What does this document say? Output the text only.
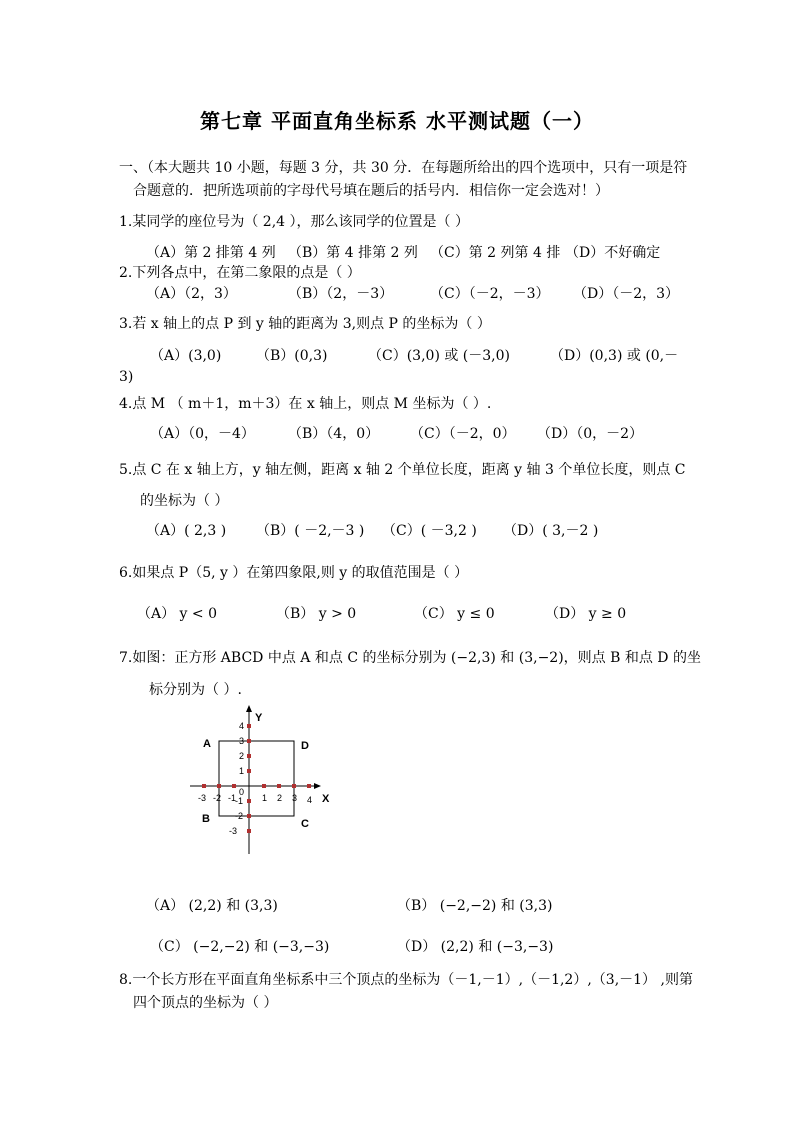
第七章 平面直角坐标系 水平测试题（一）
一、（本大题共 10 小题，每题 3 分，共 30 分．在每题所给出的四个选项中，只有一项是符
合题意的．把所选项前的字母代号填在题后的括号内．相信你一定会选对！）
1.某同学的座位号为（ 2,4 ），那么该同学的位置是（ ）
（A）第 2 排第 4 列 （B）第 4 排第 2 列 （C）第 2 列第 4 排 （D）不好确定
2.下列各点中，在第二象限的点是（ ）
（A）（2，3）	（B）（2，－3）	（C）（－2，－3） （D）（－2，3）
3.若 x 轴上的点 P 到 y 轴的距离为 3,则点 P 的坐标为（ ）
（A）(3,0) （B）(0,3)	（C）(3,0) 或 (－3,0)	（D）(0,3) 或 (0,－
3)
4.点 M （ m＋1，m＋3）在 x 轴上，则点 M 坐标为（ ）.
（A）（0，－4） （B）（4，0） （C）（－2，0） （D）（0，－2）
5.点 C 在 x 轴上方，y 轴左侧，距离 x 轴 2 个单位长度，距离 y 轴 3 个单位长度，则点 C
的坐标为（ ）
（A）( 2,3 ) （B）( －2,－3 ) （C）( －3,2 ) （D）( 3,－2 )
6.如果点 P（5, y ）在第四象限,则 y 的取值范围是（ ）
（A） y < 0	（B） y > 0	（C） y ≤ 0	（D） y ≥ 0
7.如图：正方形 ABCD 中点 A 和点 C 的坐标分别为 (−2,3) 和 (3,−2)，则点 B 和点 D 的坐
标分别为（ ）.
-3 -2 -1
0
1 2 3 4
1
2
3
4
-1
-2
-3
Y
X
A	D
B	C
（A） (2,2) 和 (3,3)	（B） (−2,−2) 和 (3,3)
（C） (−2,−2) 和 (−3,−3)	（D） (2,2) 和 (−3,−3)
8.一个长方形在平面直角坐标系中三个顶点的坐标为（－1,－1）,（－1,2）,（3,－1） ,则第
四个顶点的坐标为（ ）
